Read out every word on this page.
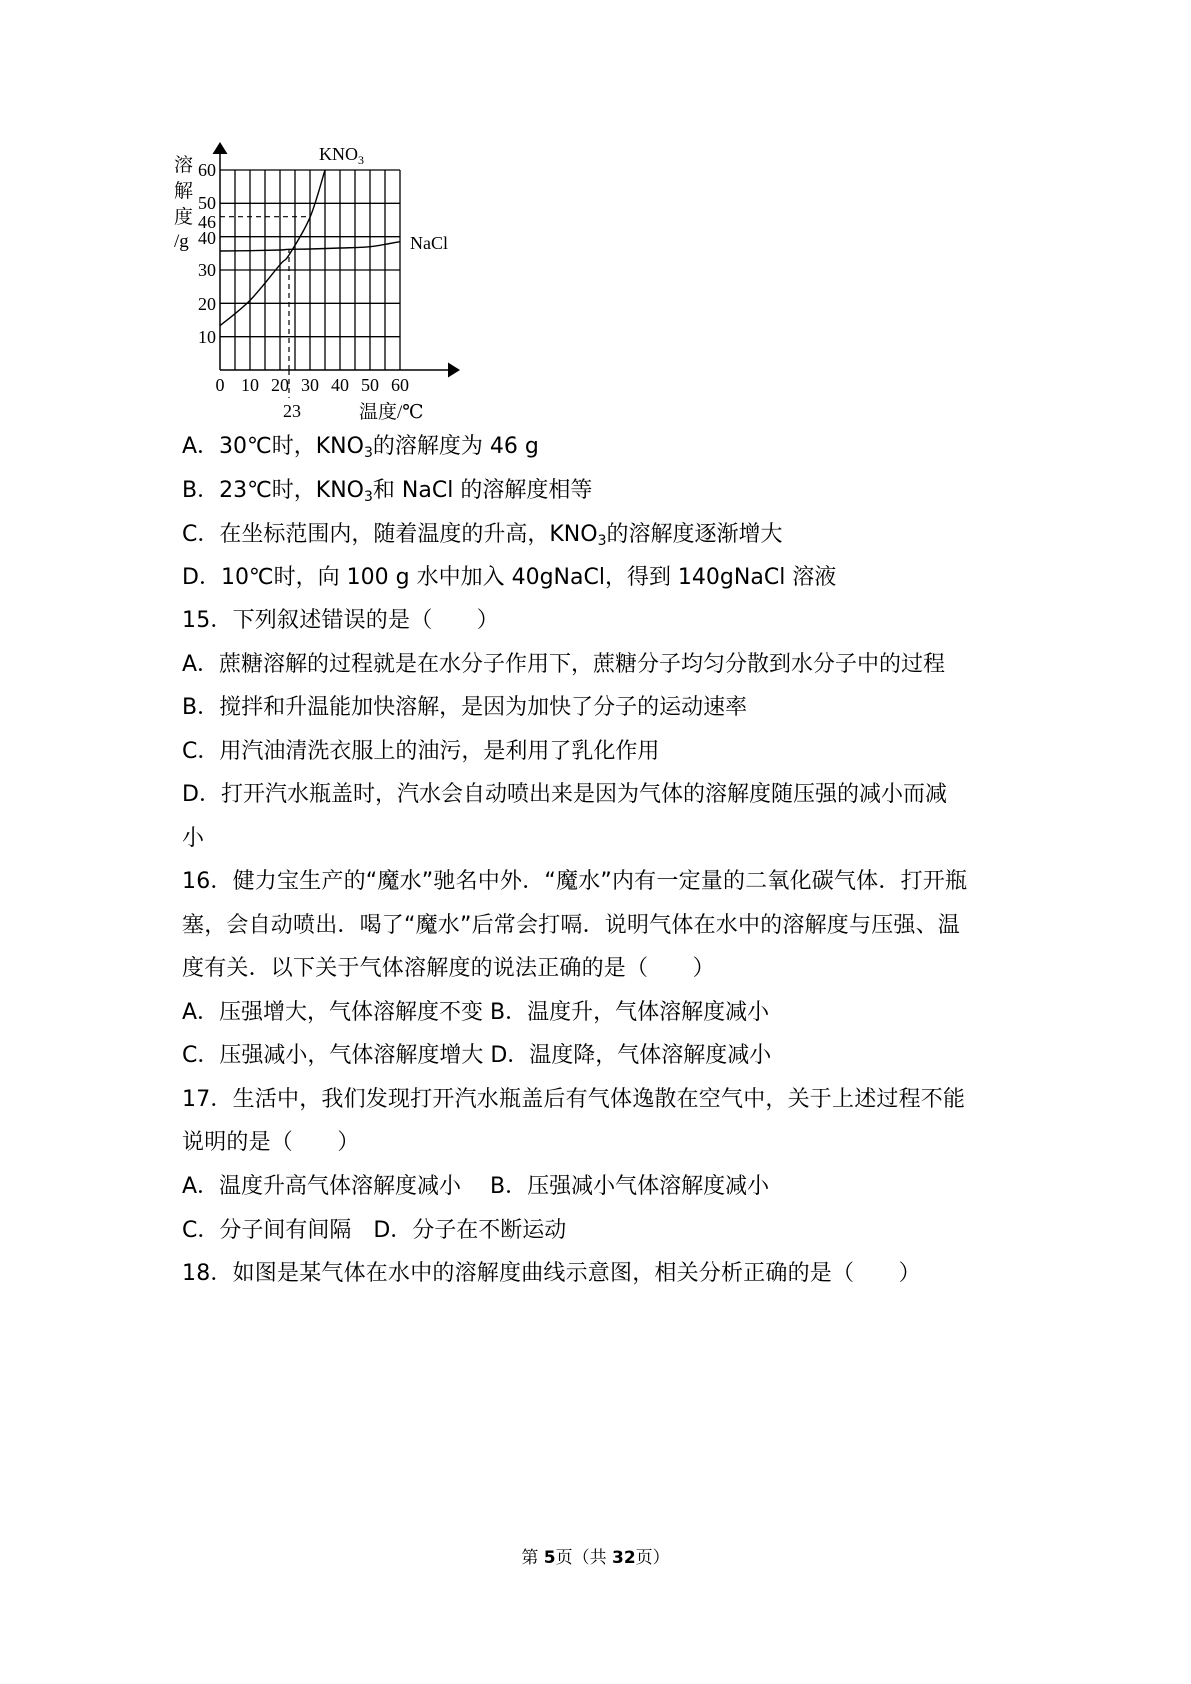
溶
解
度
/g
60
50
46
40
30
20
10
0 10 20 30 40 50 60
23	温度/℃
$KNO_3$
NaCl
A．30℃时，$KNO_3$的溶解度为 46 g
B．23℃时，$KNO_3$和 NaCl 的溶解度相等
C．在坐标范围内，随着温度的升高，$KNO_3$的溶解度逐渐增大
D．10℃时，向 100 g 水中加入 40gNaCl，得到 140gNaCl 溶液
15．下列叙述错误的是（　　）
A．蔗糖溶解的过程就是在水分子作用下，蔗糖分子均匀分散到水分子中的过程
B．搅拌和升温能加快溶解，是因为加快了分子的运动速率
C．用汽油清洗衣服上的油污，是利用了乳化作用
D．打开汽水瓶盖时，汽水会自动喷出来是因为气体的溶解度随压强的减小而减
小
16．健力宝生产的“魔水”驰名中外．“魔水”内有一定量的二氧化碳气体．打开瓶
塞，会自动喷出．喝了“魔水”后常会打嗝．说明气体在水中的溶解度与压强、温
度有关．以下关于气体溶解度的说法正确的是（　　）
A．压强增大，气体溶解度不变 B．温度升，气体溶解度减小
C．压强减小，气体溶解度增大 D．温度降，气体溶解度减小
17．生活中，我们发现打开汽水瓶盖后有气体逸散在空气中，关于上述过程不能
说明的是（　　）
A．温度升高气体溶解度减小　 B．压强减小气体溶解度减小
C．分子间有间隔　D．分子在不断运动
18．如图是某气体在水中的溶解度曲线示意图，相关分析正确的是（　　）
第 5页（共 32页）
